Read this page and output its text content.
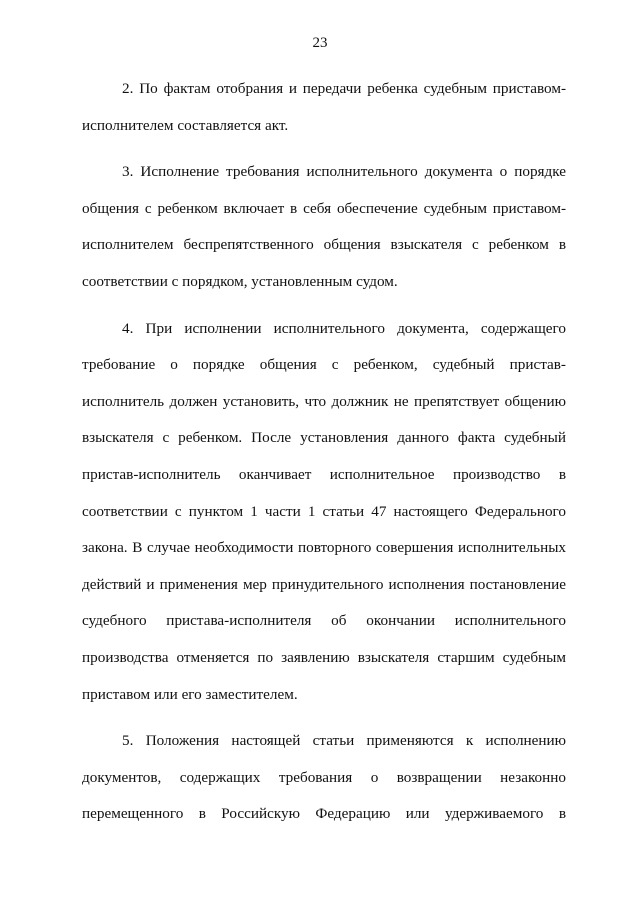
23
2. По фактам отобрания и передачи ребенка судебным приставом-
исполнителем составляется акт.
3. Исполнение требования исполнительного документа о порядке
общения с ребенком включает в себя обеспечение судебным приставом-
исполнителем беспрепятственного общения взыскателя с ребенком в
соответствии с порядком, установленным судом.
4. При исполнении исполнительного документа, содержащего
требование о порядке общения с ребенком, судебный пристав-
исполнитель должен установить, что должник не препятствует общению
взыскателя с ребенком. После установления данного факта судебный
пристав-исполнитель оканчивает исполнительное производство в
соответствии с пунктом 1 части 1 статьи 47 настоящего Федерального
закона. В случае необходимости повторного совершения исполнительных
действий и применения мер принудительного исполнения постановление
судебного пристава-исполнителя об окончании исполнительного
производства отменяется по заявлению взыскателя старшим судебным
приставом или его заместителем.
5. Положения настоящей статьи применяются к исполнению
документов, содержащих требования о возвращении незаконно
перемещенного в Российскую Федерацию или удерживаемого в
